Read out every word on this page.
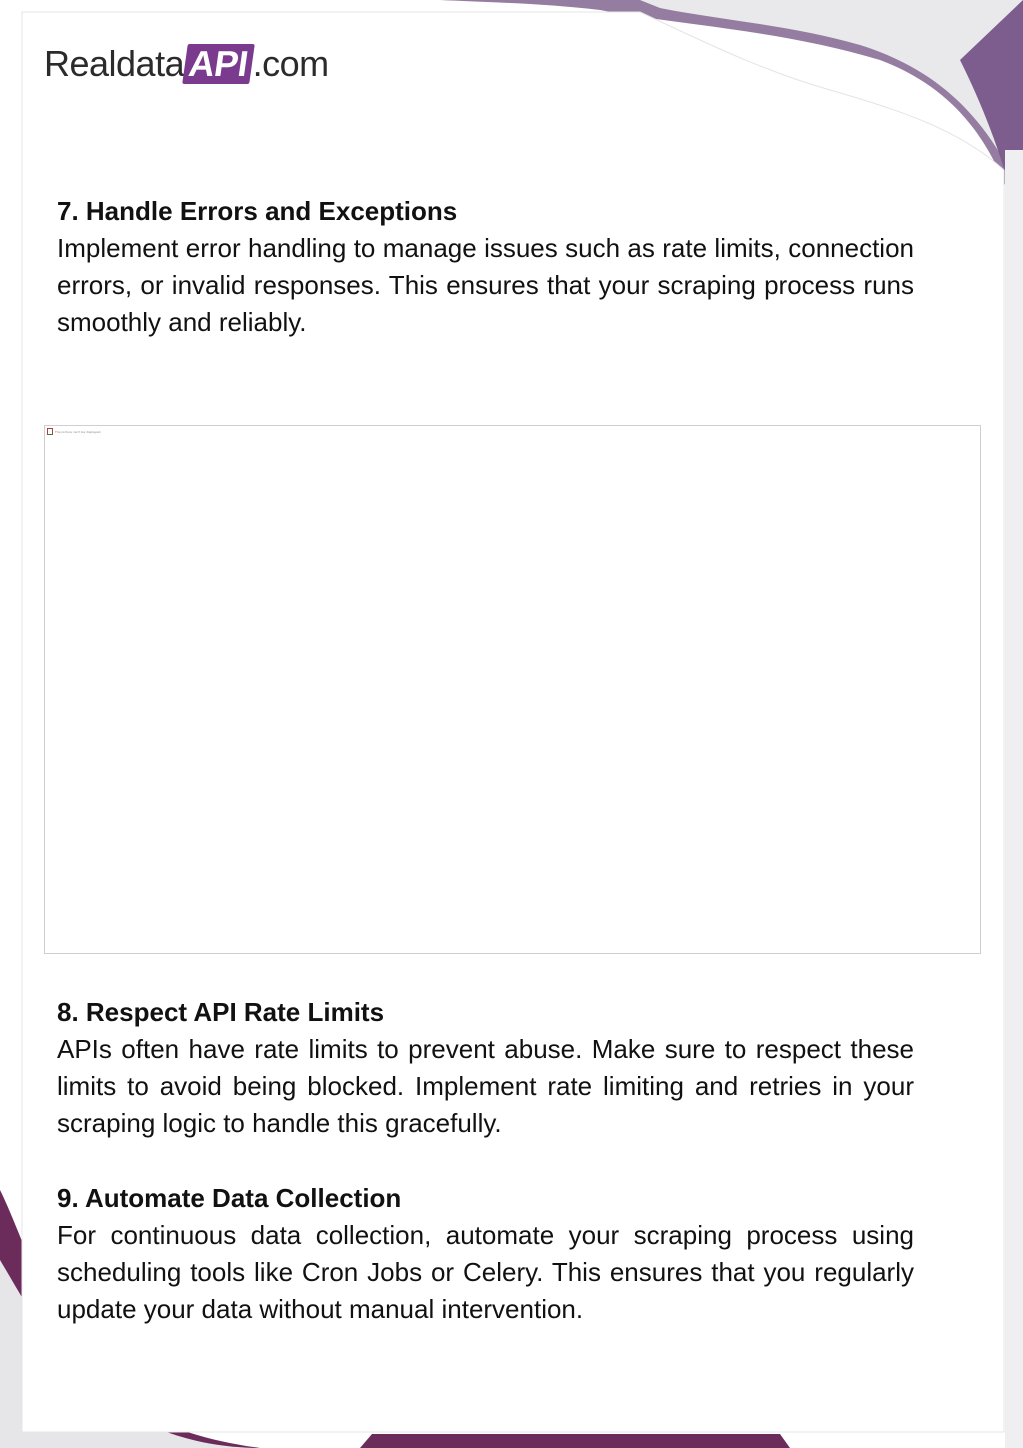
Realdata API .com
7. Handle Errors and Exceptions

Implement error handling to manage issues such as rate limits, connection errors, or invalid responses. This ensures that your scraping process runs smoothly and reliably.

The picture can't be displayed.
8. Respect API Rate Limits

APIs often have rate limits to prevent abuse. Make sure to respect these limits to avoid being blocked. Implement rate limiting and retries in your scraping logic to handle this gracefully.

9. Automate Data Collection

For continuous data collection, automate your scraping process using scheduling tools like Cron Jobs or Celery. This ensures that you regularly update your data without manual intervention.
